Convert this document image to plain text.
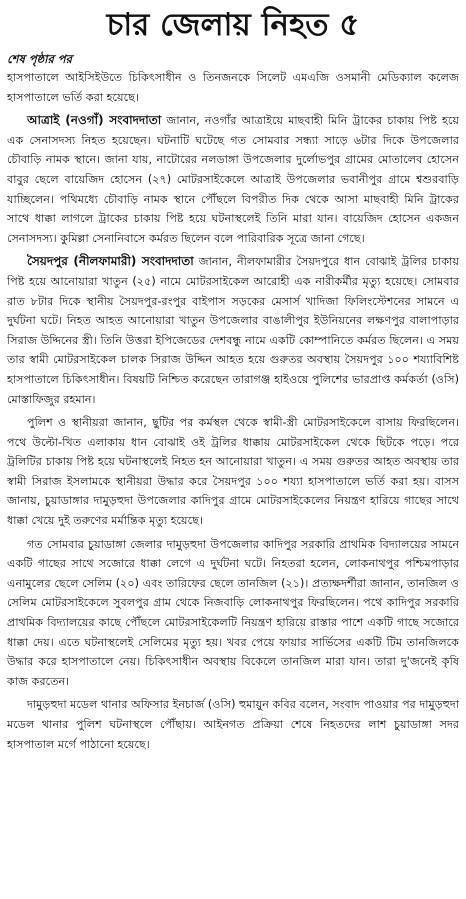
চার জেলায় নিহত ৫
শেষ পৃষ্ঠার পর

হাসপাতালে আইসিইউতে চিকিৎসাধীন ও তিনজনকে সিলেট এমএজি ওসমানী মেডিক্যাল কলেজ হাসপাতালে ভর্তি করা হয়েছে।

আত্রাই (নওগাঁ) সংবাদদাতা জানান, নওগাঁর আত্রাইয়ে মাছবাহী মিনি ট্রাকের চাকায় পিষ্ট হয়ে এক সেনাসদস্য নিহত হয়েছেন। ঘটনাটি ঘটেছে গত সোমবার সন্ধ্যা সাড়ে ৬টার দিকে উপজেলার চৌবাড়ি নামক স্থানে। জানা যায়, নাটোরের নলডাঙ্গা উপজেলার দুর্লোভপুর গ্রামের মোতালেব হোসেন বাবুর ছেলে বায়েজিদ হোসেন (২৭) মোটরসাইকেলে আত্রাই উপজেলার ভবানীপুর গ্রামে শ্বশুরবাড়ি যাচ্ছিলেন। পথিমধ্যে চৌবাড়ি নামক স্থানে পৌঁছলে বিপরীত দিক থেকে আসা মাছবাহী মিনি ট্রাকের সাথে ধাক্কা লাগলে ট্রাকের চাকায় পিষ্ট হয়ে ঘটনাস্থলেই তিনি মারা যান। বায়েজিদ হোসেন একজন সেনাসদস্য। কুমিল্লা সেনানিবাসে কর্মরত ছিলেন বলে পারিবারিক সূত্রে জানা গেছে।

সৈয়দপুর (নীলফামারী) সংবাদদাতা জানান, নীলফামারীর সৈয়দপুরে ধান বোঝাই ট্রলির চাকায় পিষ্ট হয়ে আনোয়ারা খাতুন (২৫) নামে মোটরসাইকেল আরোহী এক নারীকর্মীর মৃত্যু হয়েছে। সোমবার রাত ৮টার দিকে স্থানীয় সৈয়দপুর-রংপুর বাইপাস সড়কের মেসার্স খাদিজা ফিলিংস্টেশনের সামনে এ দুর্ঘটনা ঘটে। নিহত আহত আনোয়ারা খাতুন উপজেলার বাঙালীপুর ইউনিয়নের লক্ষণপুর বালাপাড়ার সিরাজ উদ্দিনের স্ত্রী। তিনি উত্তরা ইপিজেডের দেশবন্ধু নামে একটি কোম্পানিতে কর্মরত ছিলেন। এ সময় তার স্বামী মোটরসাইকেল চালক সিরাজ উদ্দিন আহত হয়ে গুরুতর অবস্থায় সৈয়দপুর ১০০ শয্যাবিশিষ্ট হাসপাতালে চিকিৎসাধীন। বিষয়টি নিশ্চিত করেছেন তারাগঞ্জ হাইওয়ে পুলিশের ভারপ্রাপ্ত কর্মকর্তা (ওসি) মোস্তাফিজুর রহমান।

পুলিশ ও স্থানীয়রা জানান, ছুটির পর কর্মস্থল থেকে স্বামী-স্ত্রী মোটরসাইকেলে বাসায় ফিরছিলেন। পথে উল্টো-খিত এলাকায় ধান বোঝাই ওই ট্রলির ধাক্কায় মোটরসাইকেল থেকে ছিটকে পড়ে। পরে ট্রলিটির চাকায় পিষ্ট হয়ে ঘটনাস্থলেই নিহত হন আনোয়ারা খাতুন। এ সময় গুরুতর আহত অবস্থায় তার স্বামী সিরাজ ইসলামকে স্থানীয়রা উদ্ধার করে সৈয়দপুর ১০০ শয্যা হাসপাতালে ভর্তি করা হয়। বাসস জানায়, চুয়াডাঙ্গার দামুড়হুদা উপজেলার কাদিপুর গ্রামে মোটরসাইকেলের নিয়ন্ত্রণ হারিয়ে গাছের সাথে ধাক্কা খেয়ে দুই তরুণের মর্মান্তিক মৃত্যু হয়েছে।

গত সোমবার চুয়াডাঙ্গা জেলার দামুড়হুদা উপজেলার কাদিপুর সরকারি প্রাথমিক বিদ্যালয়ের সামনে একটি গাছের সাথে সজোরে ধাক্কা লেগে এ দুর্ঘটনা ঘটে। নিহতরা হলেন, লোকনাথপুর পশ্চিমপাড়ার এনামুলের ছেলে সেলিম (২০) এবং তারিফের ছেলে তানজিল (২১)। প্রত্যক্ষদর্শীরা জানান, তানজিল ও সেলিম মোটরসাইকেলে সুবলপুর গ্রাম থেকে নিজবাড়ি লোকনাথপুর ফিরছিলেন। পথে কাদিপুর সরকারি প্রাথমিক বিদ্যালয়ের কাছে পৌঁছলে মোটরসাইকেলটি নিয়ন্ত্রণ হারিয়ে রাস্তার পাশে একটি গাছে সজোরে ধাক্কা দেয়। এতে ঘটনাস্থলেই সেলিমের মৃত্যু হয়। খবর পেয়ে ফায়ার সার্ভিসের একটি টিম তানজিলকে উদ্ধার করে হাসপাতালে নেয়। চিকিৎসাধীন অবস্থায় বিকেলে তানজিল মারা যান। তারা দু'জনেই কৃষি কাজ করতেন।

দামুড়হুদা মডেল থানার অফিসার ইনচার্জ (ওসি) হুমায়ুন কবির বলেন, সংবাদ পাওয়ার পর দামুড়হুদা মডেল থানার পুলিশ ঘটনাস্থলে পৌঁছায়। আইনগত প্রক্রিয়া শেষে নিহতদের লাশ চুয়াডাঙ্গা সদর হাসপাতাল মর্গে পাঠানো হয়েছে।
